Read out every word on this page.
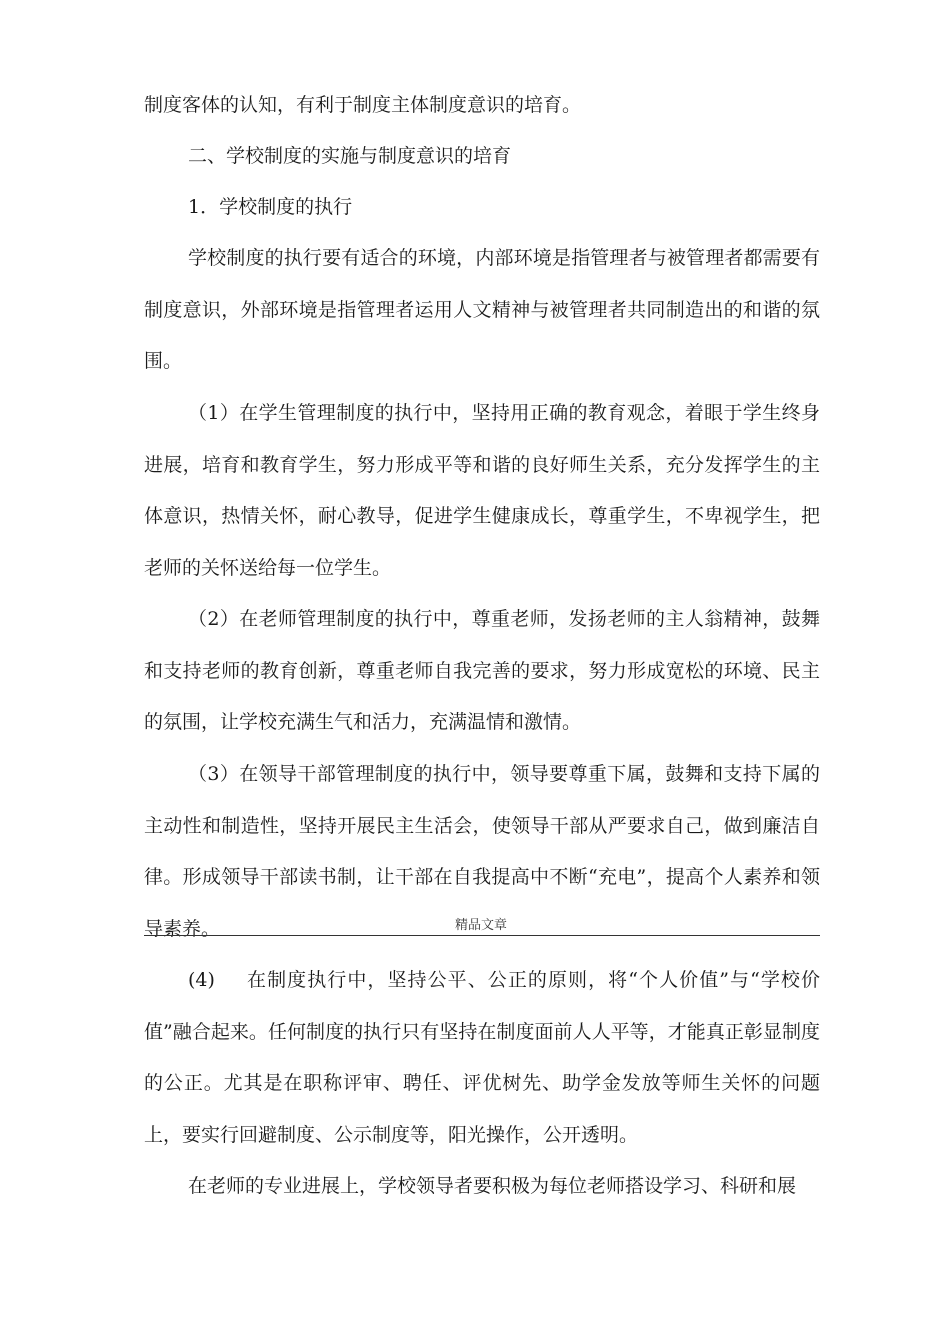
制度客体的认知，有利于制度主体制度意识的培育。

二、学校制度的实施与制度意识的培育

1．学校制度的执行

学校制度的执行要有适合的环境，内部环境是指管理者与被管理者都需要有制度意识，外部环境是指管理者运用人文精神与被管理者共同制造出的和谐的氛围。

（1）在学生管理制度的执行中，坚持用正确的教育观念，着眼于学生终身进展，培育和教育学生，努力形成平等和谐的良好师生关系，充分发挥学生的主体意识，热情关怀，耐心教导，促进学生健康成长，尊重学生，不卑视学生，把老师的关怀送给每一位学生。

（2）在老师管理制度的执行中，尊重老师，发扬老师的主人翁精神，鼓舞和支持老师的教育创新，尊重老师自我完善的要求，努力形成宽松的环境、民主的氛围，让学校充满生气和活力，充满温情和激情。

（3）在领导干部管理制度的执行中，领导要尊重下属，鼓舞和支持下属的主动性和制造性，坚持开展民主生活会，使领导干部从严要求自己，做到廉洁自律。形成领导干部读书制，让干部在自我提高中不断“充电”，提高个人素养和领导素养。	精品文章

(4) 在制度执行中，坚持公平、公正的原则，将“个人价值”与“学校价值”融合起来。任何制度的执行只有坚持在制度面前人人平等，才能真正彰显制度的公正。尤其是在职称评审、聘任、评优树先、助学金发放等师生关怀的问题上，要实行回避制度、公示制度等，阳光操作，公开透明。

在老师的专业进展上，学校领导者要积极为每位老师搭设学习、科研和展
